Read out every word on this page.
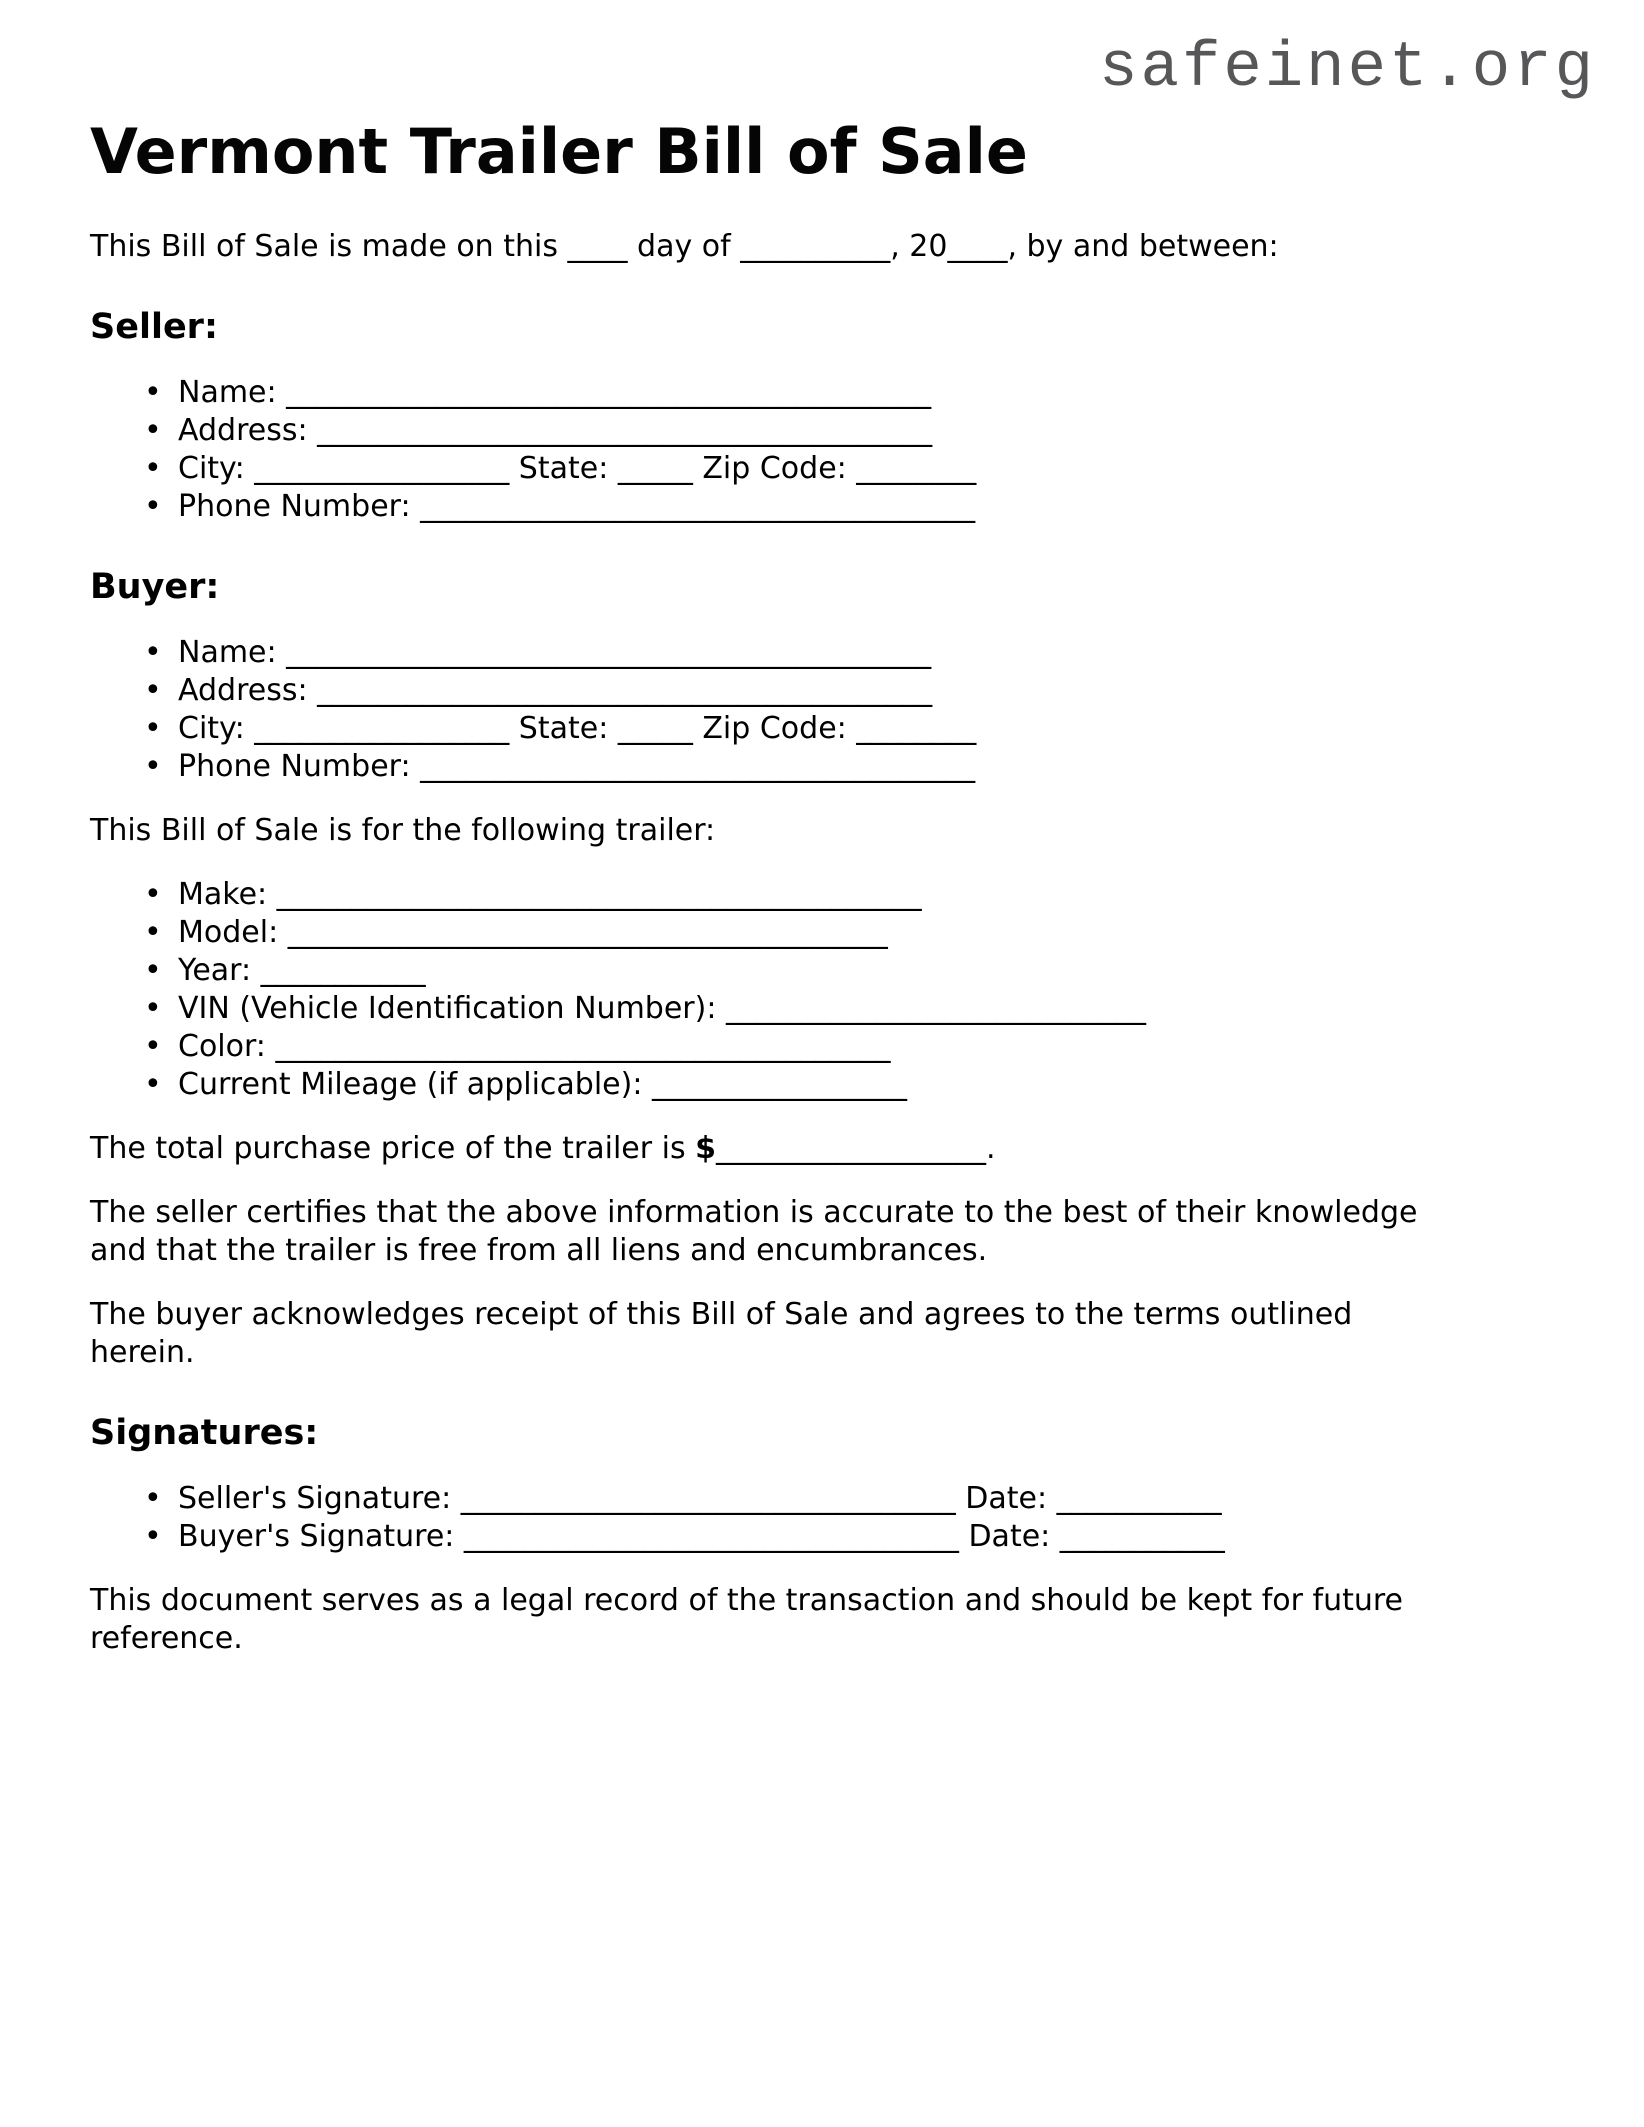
safeinet.org
Vermont Trailer Bill of Sale

This Bill of Sale is made on this ____ day of __________, 20____, by and between:

Seller:
• Name: ___________________________________________
• Address: _________________________________________
• City: _________________ State: _____ Zip Code: ________
• Phone Number: _____________________________________
Buyer:
• Name: ___________________________________________
• Address: _________________________________________
• City: _________________ State: _____ Zip Code: ________
• Phone Number: _____________________________________

This Bill of Sale is for the following trailer:

• Make: ___________________________________________
• Model: ________________________________________
• Year: ___________
• VIN (Vehicle Identification Number): ____________________________
• Color: _________________________________________
• Current Mileage (if applicable): _________________

The total purchase price of the trailer is $__________________.

The seller certifies that the above information is accurate to the best of their knowledge and that the trailer is free from all liens and encumbrances.

The buyer acknowledges receipt of this Bill of Sale and agrees to the terms outlined herein.

Signatures:
• Seller's Signature: _________________________________ Date: ___________
• Buyer's Signature: _________________________________ Date: ___________

This document serves as a legal record of the transaction and should be kept for future reference.
